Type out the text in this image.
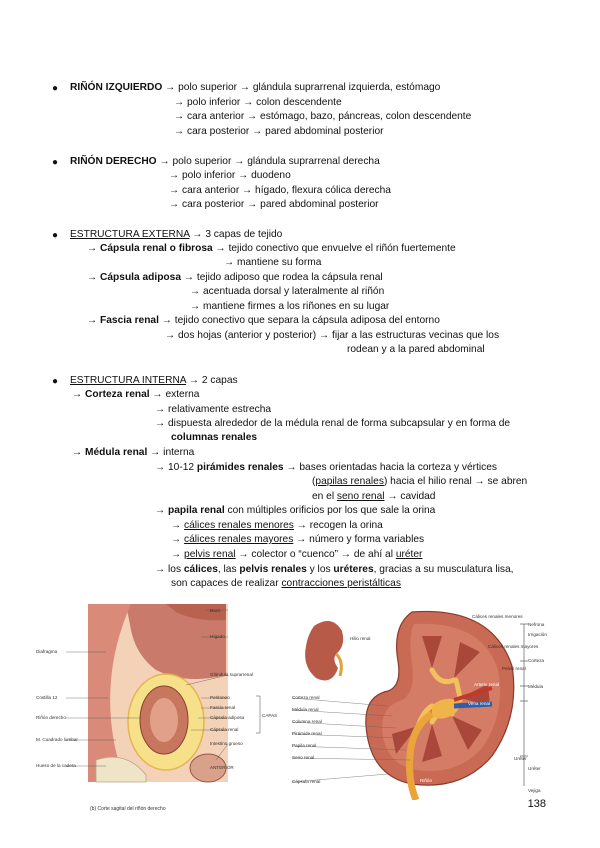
● RIÑÓN IZQUIERDO → polo superior → glándula suprarrenal izquierda, estómago
→ polo inferior → colon descendente
→ cara anterior → estómago, bazo, páncreas, colon descendente
→ cara posterior → pared abdominal posterior
● RIÑÓN DERECHO → polo superior → glándula suprarrenal derecha
→ polo inferior → duodeno
→ cara anterior → hígado, flexura cólica derecha
→ cara posterior → pared abdominal posterior
● ESTRUCTURA EXTERNA → 3 capas de tejido
→ Cápsula renal o fibrosa → tejido conectivo que envuelve el riñón fuertemente
→ mantiene su forma
→ Cápsula adiposa → tejido adiposo que rodea la cápsula renal
→ acentuada dorsal y lateralmente al riñón
→ mantiene firmes a los riñones en su lugar
→ Fascia renal → tejido conectivo que separa la cápsula adiposa del entorno
→ dos hojas (anterior y posterior) → fijar a las estructuras vecinas que los
rodean y a la pared abdominal
● ESTRUCTURA INTERNA → 2 capas
→ Corteza renal → externa
→ relativamente estrecha
→ dispuesta alrededor de la médula renal de forma subcapsular y en forma de
columnas renales
→ Médula renal → interna
→ 10-12 pirámides renales → bases orientadas hacia la corteza y vértices
(papilas renales) hacia el hilio renal → se abren
en el seno renal → cavidad
→ papila renal con múltiples orificios por los que sale la orina
→ cálices renales menores → recogen la orina
→ cálices renales mayores → número y forma variables
→ pelvis renal → colector o “cuenco” → de ahí al uréter
→ los cálices, las pelvis renales y los uréteres, gracias a su musculatura lisa,
son capaces de realizar contracciones peristálticas
Diafragma
Bazo
Hígado
Glándula suprarrenal
Costilla 12	Peritoneo
Riñón derecho
Fascia renal
Cápsula adiposa
Cápsula renal
CAPAS
M. Cuadrado lumbar
Intestino grueso
Hueso de la cadera	ANTERIOR
(b) Corte sagital del riñón derecho
Hilio renal
Corteza renal
Médula renal
Columna renal
Pirámide renal
Papila renal
Seno renal
Cápsula renal
Cálices renales menores
Cálices renales mayores
Pelvis renal
Arteria renal
Vena renal
Uréter
Riñón
Nefrona
Irrigación
Corteza
Médula
Uréter
Vejiga
138
